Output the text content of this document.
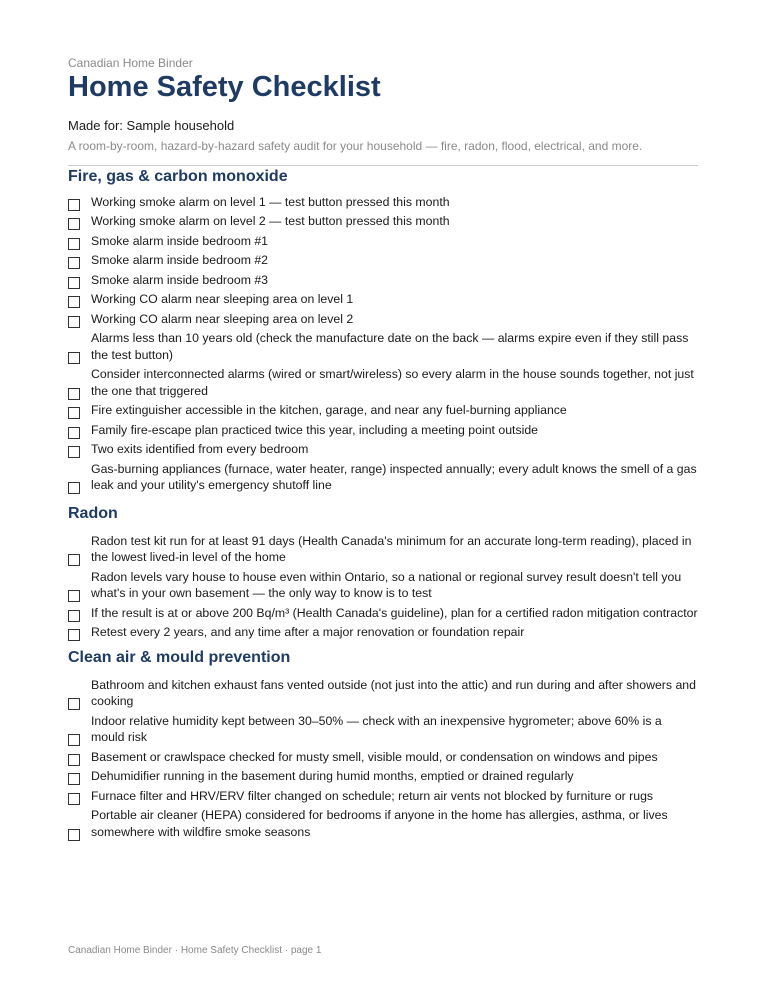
Canadian Home Binder
Home Safety Checklist
Made for: Sample household
A room-by-room, hazard-by-hazard safety audit for your household — fire, radon, flood, electrical, and more.
Fire, gas & carbon monoxide
Working smoke alarm on level 1 — test button pressed this month
Working smoke alarm on level 2 — test button pressed this month
Smoke alarm inside bedroom #1
Smoke alarm inside bedroom #2
Smoke alarm inside bedroom #3
Working CO alarm near sleeping area on level 1
Working CO alarm near sleeping area on level 2
Alarms less than 10 years old (check the manufacture date on the back — alarms expire even if they still pass the test button)
Consider interconnected alarms (wired or smart/wireless) so every alarm in the house sounds together, not just the one that triggered
Fire extinguisher accessible in the kitchen, garage, and near any fuel-burning appliance
Family fire-escape plan practiced twice this year, including a meeting point outside
Two exits identified from every bedroom
Gas-burning appliances (furnace, water heater, range) inspected annually; every adult knows the smell of a gas leak and your utility's emergency shutoff line
Radon
Radon test kit run for at least 91 days (Health Canada's minimum for an accurate long-term reading), placed in the lowest lived-in level of the home
Radon levels vary house to house even within Ontario, so a national or regional survey result doesn't tell you what's in your own basement — the only way to know is to test
If the result is at or above 200 Bq/m³ (Health Canada's guideline), plan for a certified radon mitigation contractor
Retest every 2 years, and any time after a major renovation or foundation repair
Clean air & mould prevention
Bathroom and kitchen exhaust fans vented outside (not just into the attic) and run during and after showers and cooking
Indoor relative humidity kept between 30–50% — check with an inexpensive hygrometer; above 60% is a mould risk
Basement or crawlspace checked for musty smell, visible mould, or condensation on windows and pipes
Dehumidifier running in the basement during humid months, emptied or drained regularly
Furnace filter and HRV/ERV filter changed on schedule; return air vents not blocked by furniture or rugs
Portable air cleaner (HEPA) considered for bedrooms if anyone in the home has allergies, asthma, or lives somewhere with wildfire smoke seasons
Canadian Home Binder · Home Safety Checklist · page 1
